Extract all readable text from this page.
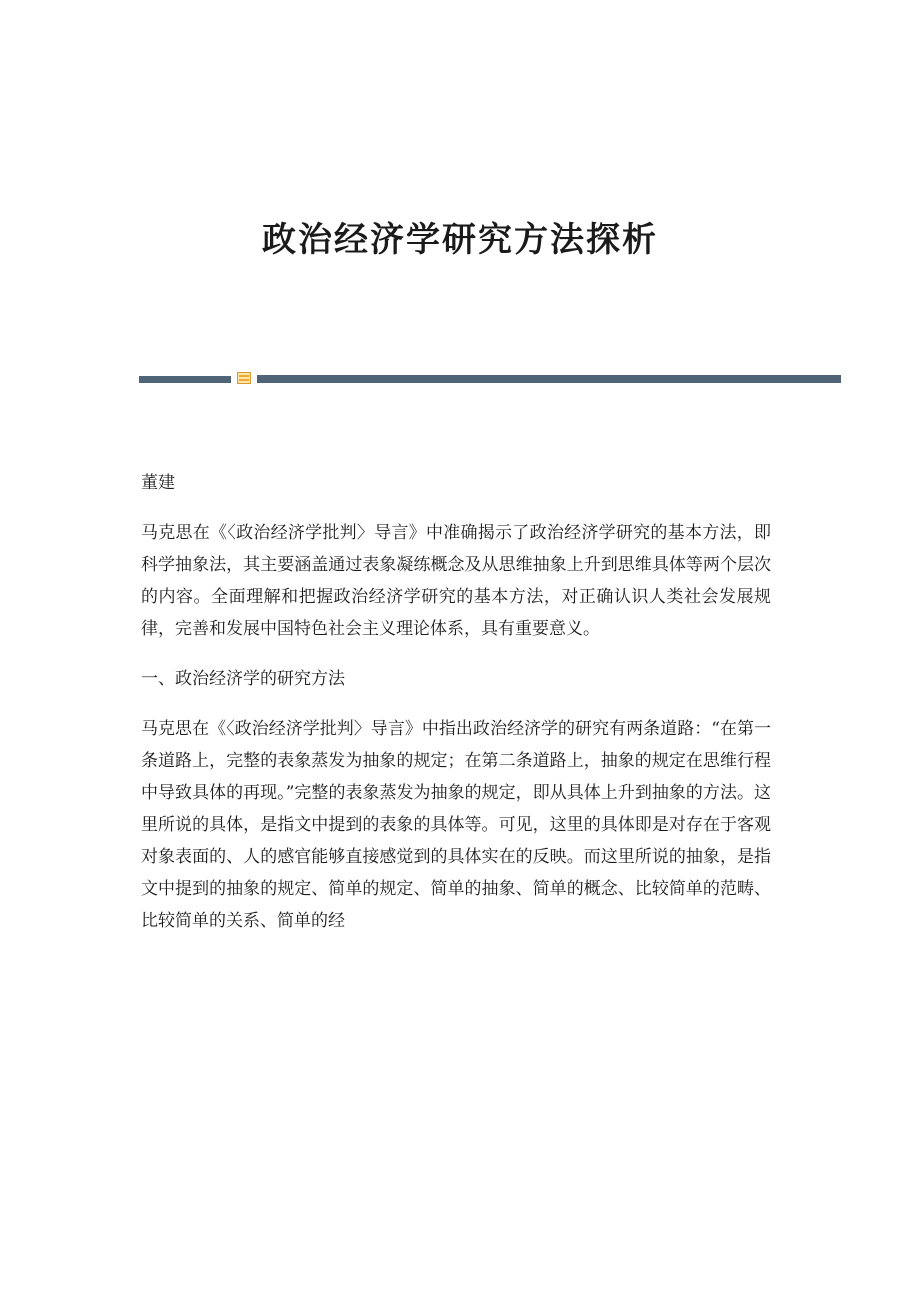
政治经济学研究方法探析

董建

马克思在《〈政治经济学批判〉导言》中准确揭示了政治经济学研究的基本方法，即科学抽象法，其主要涵盖通过表象凝练概念及从思维抽象上升到思维具体等两个层次的内容。全面理解和把握政治经济学研究的基本方法，对正确认识人类社会发展规律，完善和发展中国特色社会主义理论体系，具有重要意义。

一、政治经济学的研究方法

马克思在《〈政治经济学批判〉导言》中指出政治经济学的研究有两条道路：“在第一条道路上，完整的表象蒸发为抽象的规定；在第二条道路上，抽象的规定在思维行程中导致具体的再现。”完整的表象蒸发为抽象的规定，即从具体上升到抽象的方法。这里所说的具体，是指文中提到的表象的具体等。可见，这里的具体即是对存在于客观对象表面的、人的感官能够直接感觉到的具体实在的反映。而这里所说的抽象，是指文中提到的抽象的规定、简单的规定、简单的抽象、简单的概念、比较简单的范畴、比较简单的关系、简单的经
